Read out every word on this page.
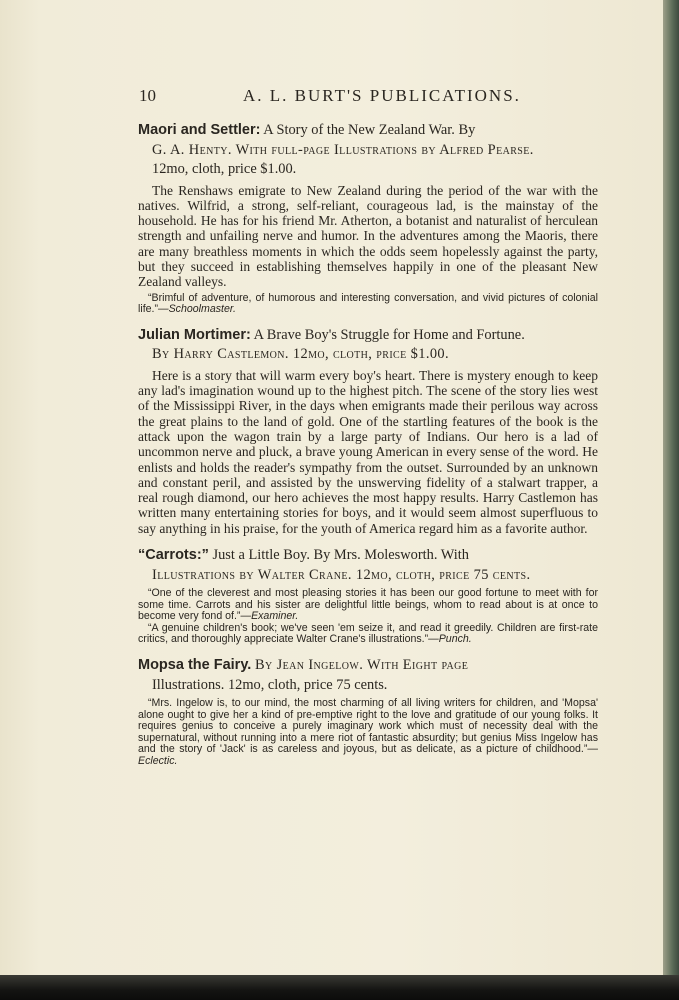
10	A. L. BURT'S PUBLICATIONS.
Maori and Settler: A Story of the New Zealand War. By
G. A. Henty. With full-page Illustrations by Alfred Pearse.
12mo, cloth, price $1.00.
The Renshaws emigrate to New Zealand during the period of the war with the natives. Wilfrid, a strong, self-reliant, courageous lad, is the mainstay of the household. He has for his friend Mr. Atherton, a botanist and naturalist of herculean strength and unfailing nerve and humor. In the adventures among the Maoris, there are many breathless moments in which the odds seem hopelessly against the party, but they succeed in establishing themselves happily in one of the pleasant New Zealand valleys.
“Brimful of adventure, of humorous and interesting conversation, and vivid pictures of colonial life.”—Schoolmaster.
Julian Mortimer: A Brave Boy's Struggle for Home and Fortune.
By Harry Castlemon. 12mo, cloth, price $1.00.
Here is a story that will warm every boy's heart. There is mystery enough to keep any lad's imagination wound up to the highest pitch. The scene of the story lies west of the Mississippi River, in the days when emigrants made their perilous way across the great plains to the land of gold. One of the startling features of the book is the attack upon the wagon train by a large party of Indians. Our hero is a lad of uncommon nerve and pluck, a brave young American in every sense of the word. He enlists and holds the reader's sympathy from the outset. Surrounded by an unknown and constant peril, and assisted by the unswerving fidelity of a stalwart trapper, a real rough diamond, our hero achieves the most happy results. Harry Castlemon has written many entertaining stories for boys, and it would seem almost superfluous to say anything in his praise, for the youth of America regard him as a favorite author.
“Carrots:” Just a Little Boy. By Mrs. Molesworth. With
Illustrations by Walter Crane. 12mo, cloth, price 75 cents.
“One of the cleverest and most pleasing stories it has been our good fortune to meet with for some time. Carrots and his sister are delightful little beings, whom to read about is at once to become very fond of.”—Examiner.
“A genuine children's book; we've seen 'em seize it, and read it greedily. Children are first-rate critics, and thoroughly appreciate Walter Crane's illustrations.”—Punch.
Mopsa the Fairy. By Jean Ingelow. With Eight page
Illustrations. 12mo, cloth, price 75 cents.
“Mrs. Ingelow is, to our mind, the most charming of all living writers for children, and 'Mopsa' alone ought to give her a kind of pre-emptive right to the love and gratitude of our young folks. It requires genius to conceive a purely imaginary work which must of necessity deal with the supernatural, without running into a mere riot of fantastic absurdity; but genius Miss Ingelow has and the story of 'Jack' is as careless and joyous, but as delicate, as a picture of childhood.”—Eclectic.
